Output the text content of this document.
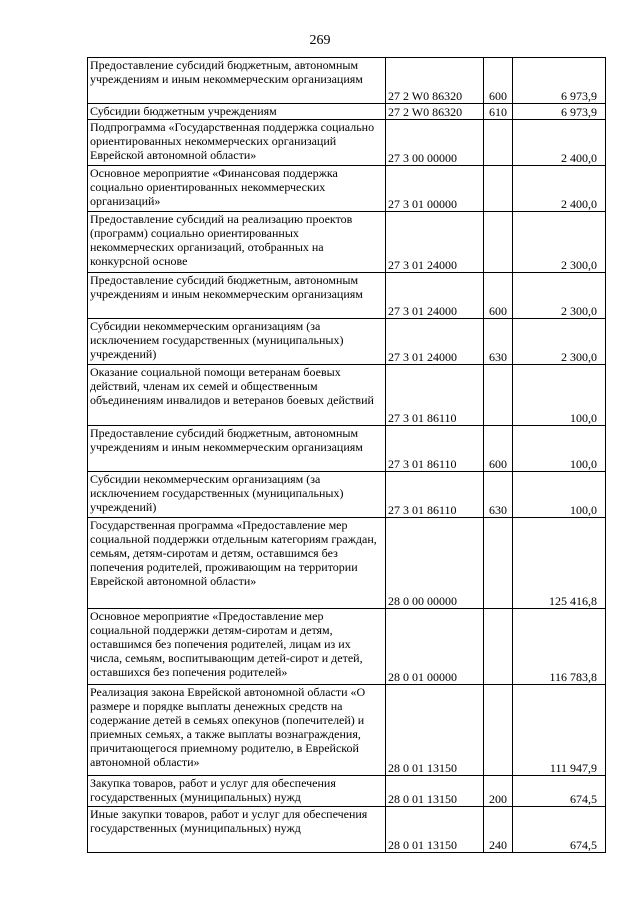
269
Предоставление субсидий бюджетным, автономным учреждениям и иным некоммерческим организациям	27 2 W0 86320	600	6 973,9

Субсидии бюджетным учреждениям	27 2 W0 86320	610	6 973,9

Подпрограмма «Государственная поддержка социально ориентированных некоммерческих организаций Еврейской автономной области»	27 3 00 00000		2 400,0

Основное мероприятие «Финансовая поддержка социально ориентированных некоммерческих организаций»	27 3 01 00000		2 400,0

Предоставление субсидий на реализацию проектов (программ) социально ориентированных некоммерческих организаций, отобранных на конкурсной основе	27 3 01 24000		2 300,0

Предоставление субсидий бюджетным, автономным учреждениям и иным некоммерческим организациям	27 3 01 24000	600	2 300,0

Субсидии некоммерческим организациям (за исключением государственных (муниципальных) учреждений)	27 3 01 24000	630	2 300,0

Оказание социальной помощи ветеранам боевых действий, членам их семей и общественным объединениям инвалидов и ветеранов боевых действий	27 3 01 86110		100,0

Предоставление субсидий бюджетным, автономным учреждениям и иным некоммерческим организациям	27 3 01 86110	600	100,0

Субсидии некоммерческим организациям (за исключением государственных (муниципальных) учреждений)	27 3 01 86110	630	100,0

Государственная программа «Предоставление мер социальной поддержки отдельным категориям граждан, семьям, детям-сиротам и детям, оставшимся без попечения родителей, проживающим на территории Еврейской автономной области»	28 0 00 00000		125 416,8

Основное мероприятие «Предоставление мер социальной поддержки детям-сиротам и детям, оставшимся без попечения родителей, лицам из их числа, семьям, воспитывающим детей-сирот и детей, оставшихся без попечения родителей»	28 0 01 00000		116 783,8

Реализация закона Еврейской автономной области «О размере и порядке выплаты денежных средств на содержание детей в семьях опекунов (попечителей) и приемных семьях, а также выплаты вознаграждения, причитающегося приемному родителю, в Еврейской автономной области»	28 0 01 13150		111 947,9

Закупка товаров, работ и услуг для обеспечения государственных (муниципальных) нужд	28 0 01 13150	200	674,5

Иные закупки товаров, работ и услуг для обеспечения государственных (муниципальных) нужд	28 0 01 13150	240	674,5
